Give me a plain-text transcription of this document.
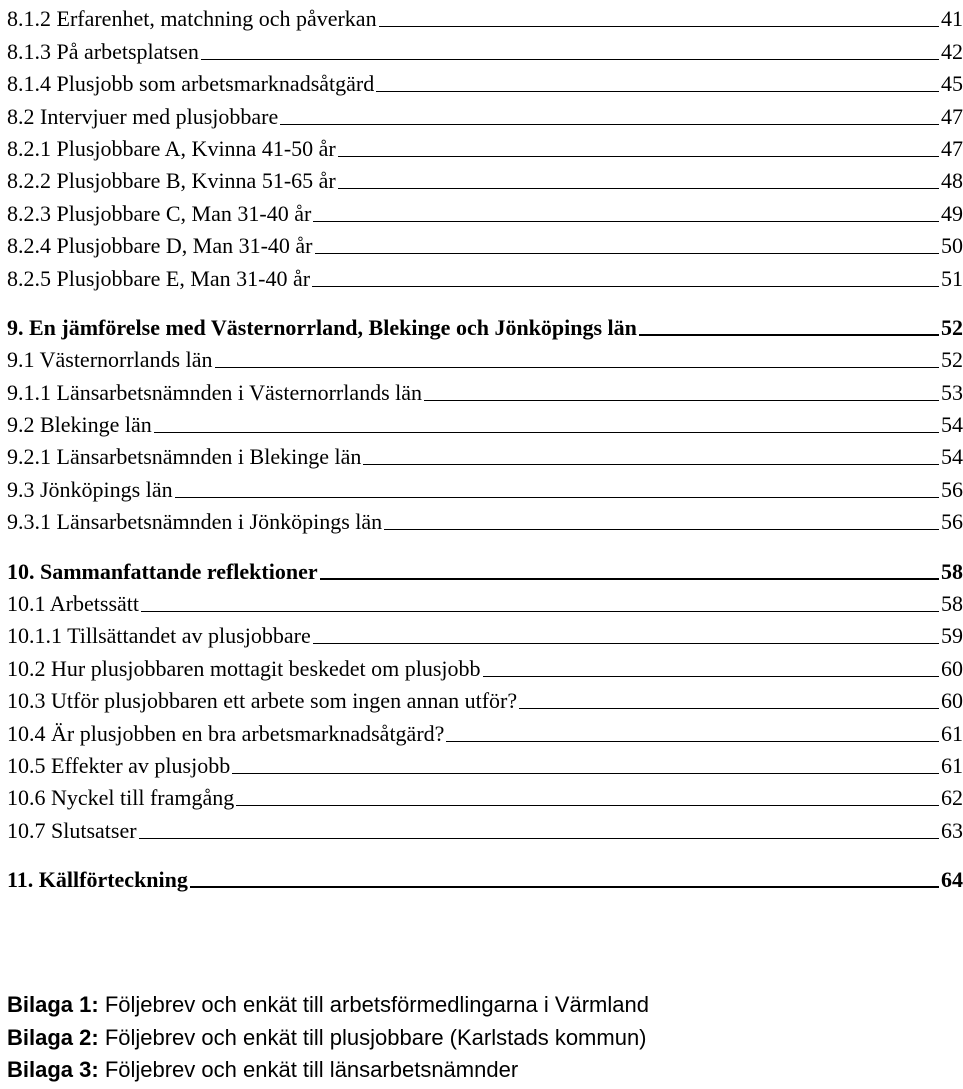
8.1.2 Erfarenhet, matchning och påverkan	41
8.1.3 På arbetsplatsen	42
8.1.4 Plusjobb som arbetsmarknadsåtgärd	45
8.2 Intervjuer med plusjobbare	47
8.2.1 Plusjobbare A, Kvinna 41-50 år	47
8.2.2 Plusjobbare B, Kvinna 51-65 år	48
8.2.3 Plusjobbare C, Man 31-40 år	49
8.2.4 Plusjobbare D, Man 31-40 år	50
8.2.5 Plusjobbare E, Man 31-40 år	51
9. En jämförelse med Västernorrland, Blekinge och Jönköpings län	52
9.1 Västernorrlands län	52
9.1.1 Länsarbetsnämnden i Västernorrlands län	53
9.2 Blekinge län	54
9.2.1 Länsarbetsnämnden i Blekinge län	54
9.3 Jönköpings län	56
9.3.1 Länsarbetsnämnden i Jönköpings län	56
10. Sammanfattande reflektioner	58
10.1 Arbetssätt	58
10.1.1 Tillsättandet av plusjobbare	59
10.2 Hur plusjobbaren mottagit beskedet om plusjobb	60
10.3 Utför plusjobbaren ett arbete som ingen annan utför?	60
10.4 Är plusjobben en bra arbetsmarknadsåtgärd?	61
10.5 Effekter av plusjobb	61
10.6 Nyckel till framgång	62
10.7 Slutsatser	63
11. Källförteckning	64
Bilaga 1: Följebrev och enkät till arbetsförmedlingarna i Värmland
Bilaga 2: Följebrev och enkät till plusjobbare (Karlstads kommun)
Bilaga 3: Följebrev och enkät till länsarbetsnämnder
